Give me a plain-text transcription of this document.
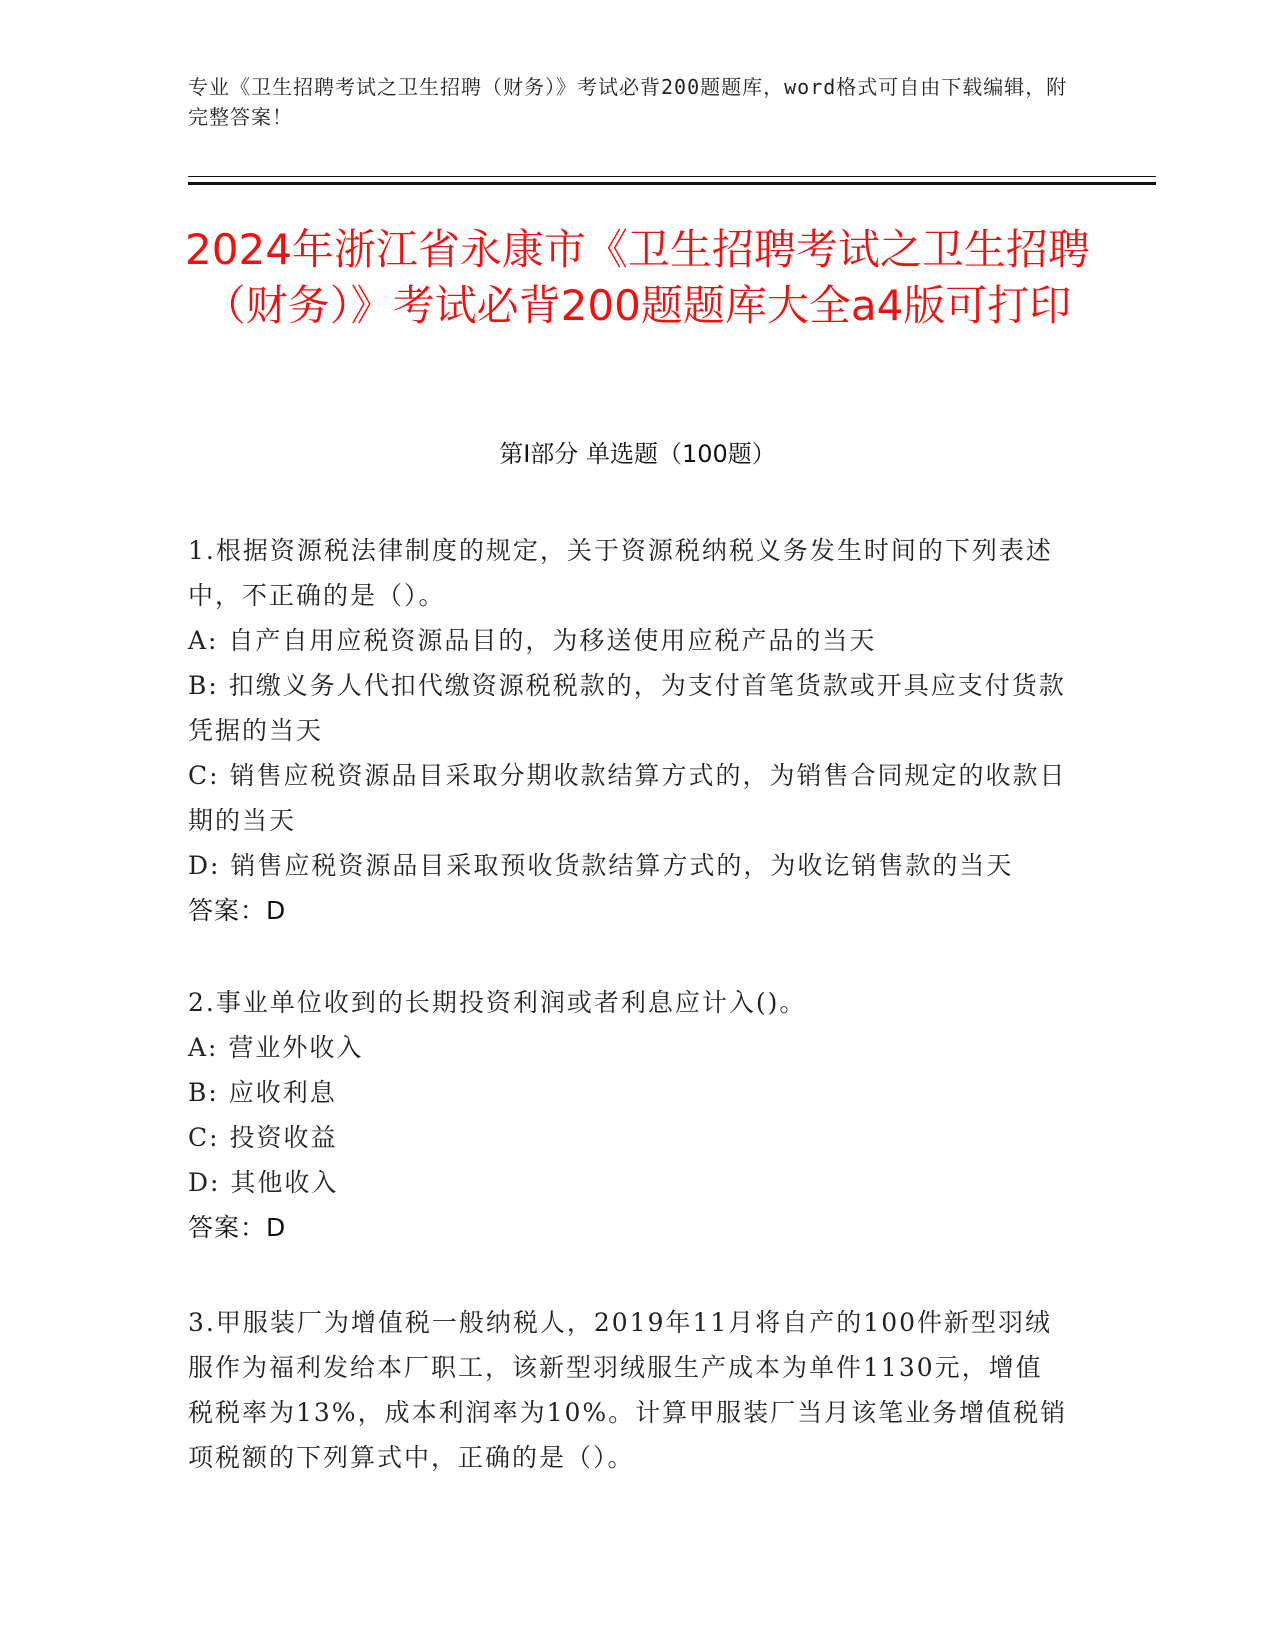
专业《卫生招聘考试之卫生招聘（财务）》考试必背200题题库，word格式可自由下载编辑，附完整答案！
2024年浙江省永康市《卫生招聘考试之卫生招聘（财务）》考试必背200题题库大全a4版可打印
第I部分 单选题（100题）

1.根据资源税法律制度的规定，关于资源税纳税义务发生时间的下列表述中，不正确的是（）。

A: 自产自用应税资源品目的，为移送使用应税产品的当天

B: 扣缴义务人代扣代缴资源税税款的，为支付首笔货款或开具应支付货款凭据的当天

C: 销售应税资源品目采取分期收款结算方式的，为销售合同规定的收款日期的当天

D: 销售应税资源品目采取预收货款结算方式的，为收讫销售款的当天

答案：D

2.事业单位收到的长期投资利润或者利息应计入()。

A: 营业外收入

B: 应收利息

C: 投资收益

D: 其他收入

答案：D

3.甲服装厂为增值税一般纳税人，2019年11月将自产的100件新型羽绒服作为福利发给本厂职工，该新型羽绒服生产成本为单件1130元，增值税税率为13%，成本利润率为10%。计算甲服装厂当月该笔业务增值税销项税额的下列算式中，正确的是（）。
